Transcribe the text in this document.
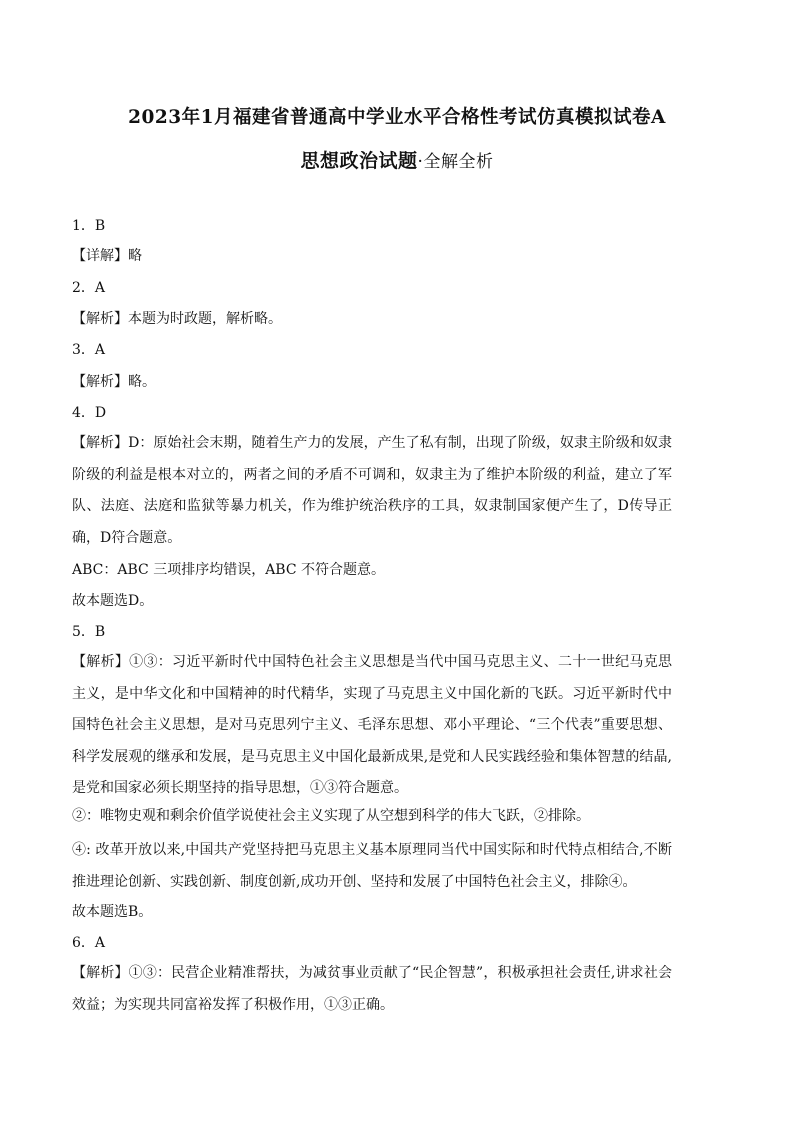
2023年1月福建省普通高中学业水平合格性考试仿真模拟试卷A
思想政治试题·全解全析
1．B
【详解】略
2．A
【解析】本题为时政题，解析略。
3．A
【解析】略。
4．D
【解析】D：原始社会末期，随着生产力的发展，产生了私有制，出现了阶级，奴隶主阶级和奴隶阶级的利益是根本对立的，两者之间的矛盾不可调和，奴隶主为了维护本阶级的利益，建立了军队、法庭、法庭和监狱等暴力机关，作为维护统治秩序的工具，奴隶制国家便产生了，D传导正确，D符合题意。
ABC：ABC 三项排序均错误，ABC 不符合题意。
故本题选D。
5．B
【解析】①③：习近平新时代中国特色社会主义思想是当代中国马克思主义、二十一世纪马克思主义，是中华文化和中国精神的时代精华，实现了马克思主义中国化新的飞跃。习近平新时代中国特色社会主义思想，是对马克思列宁主义、毛泽东思想、邓小平理论、“三个代表”重要思想、科学发展观的继承和发展，是马克思主义中国化最新成果,是党和人民实践经验和集体智慧的结晶,是党和国家必须长期坚持的指导思想，①③符合题意。
②：唯物史观和剩余价值学说使社会主义实现了从空想到科学的伟大飞跃，②排除。
④: 改革开放以来,中国共产党坚持把马克思主义基本原理同当代中国实际和时代特点相结合,不断推进理论创新、实践创新、制度创新,成功开创、坚持和发展了中国特色社会主义，排除④。
故本题选B。
6．A
【解析】①③：民营企业精准帮扶，为减贫事业贡献了“民企智慧”，积极承担社会责任,讲求社会效益；为实现共同富裕发挥了积极作用，①③正确。
